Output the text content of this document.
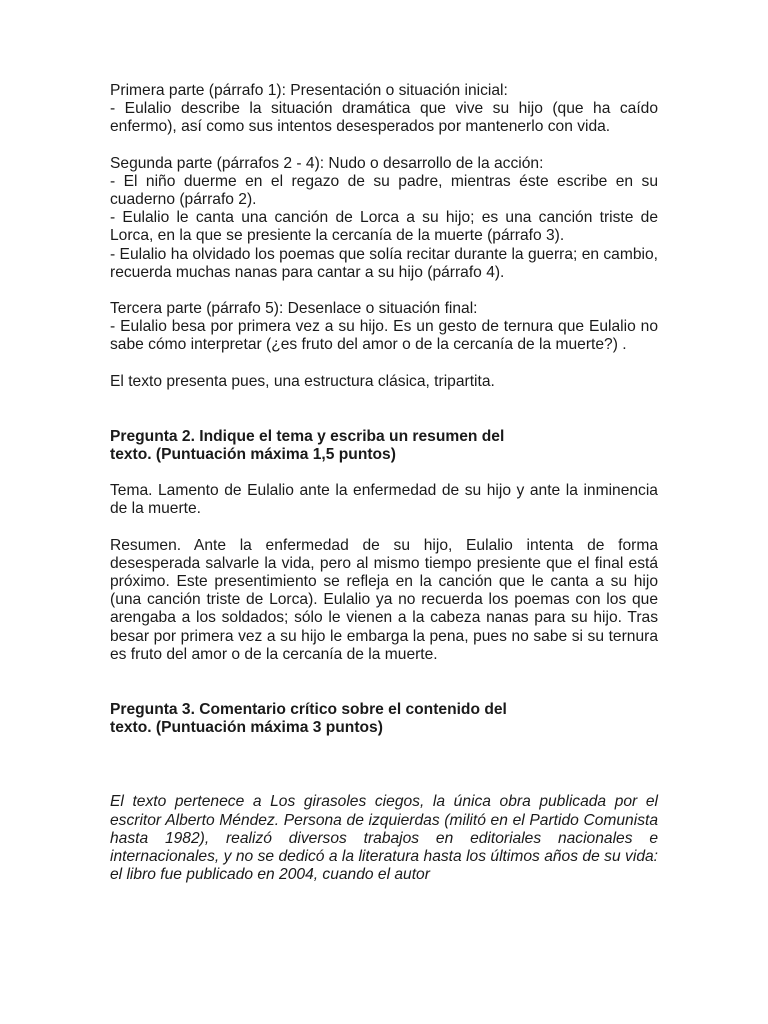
Primera parte (párrafo 1): Presentación o situación inicial:

- Eulalio describe la situación dramática que vive su hijo (que ha caído enfermo), así como sus intentos desesperados por mantenerlo con vida.

Segunda parte (párrafos 2 - 4): Nudo o desarrollo de la acción:

- El niño duerme en el regazo de su padre, mientras éste escribe en su cuaderno (párrafo 2).

- Eulalio le canta una canción de Lorca a su hijo; es una canción triste de Lorca, en la que se presiente la cercanía de la muerte (párrafo 3).

- Eulalio ha olvidado los poemas que solía recitar durante la guerra; en cambio, recuerda muchas nanas para cantar a su hijo (párrafo 4).

Tercera parte (párrafo 5): Desenlace o situación final:

- Eulalio besa por primera vez a su hijo. Es un gesto de ternura que Eulalio no sabe cómo interpretar (¿es fruto del amor o de la cercanía de la muerte?) .

El texto presenta pues, una estructura clásica, tripartita.

Pregunta 2. Indique el tema y escriba un resumen del

texto. (Puntuación máxima 1,5 puntos)

Tema. Lamento de Eulalio ante la enfermedad de su hijo y ante la inminencia de la muerte.

Resumen. Ante la enfermedad de su hijo, Eulalio intenta de forma desesperada salvarle la vida, pero al mismo tiempo presiente que el final está próximo. Este presentimiento se refleja en la canción que le canta a su hijo (una canción triste de Lorca). Eulalio ya no recuerda los poemas con los que arengaba a los soldados; sólo le vienen a la cabeza nanas para su hijo. Tras besar por primera vez a su hijo le embarga la pena, pues no sabe si su ternura es fruto del amor o de la cercanía de la muerte.

Pregunta 3. Comentario crítico sobre el contenido del

texto. (Puntuación máxima 3 puntos)

El texto pertenece a Los girasoles ciegos, la única obra publicada por el escritor Alberto Méndez. Persona de izquierdas (militó en el Partido Comunista hasta 1982), realizó diversos trabajos en editoriales nacionales e internacionales, y no se dedicó a la literatura hasta los últimos años de su vida: el libro fue publicado en 2004, cuando el autor
